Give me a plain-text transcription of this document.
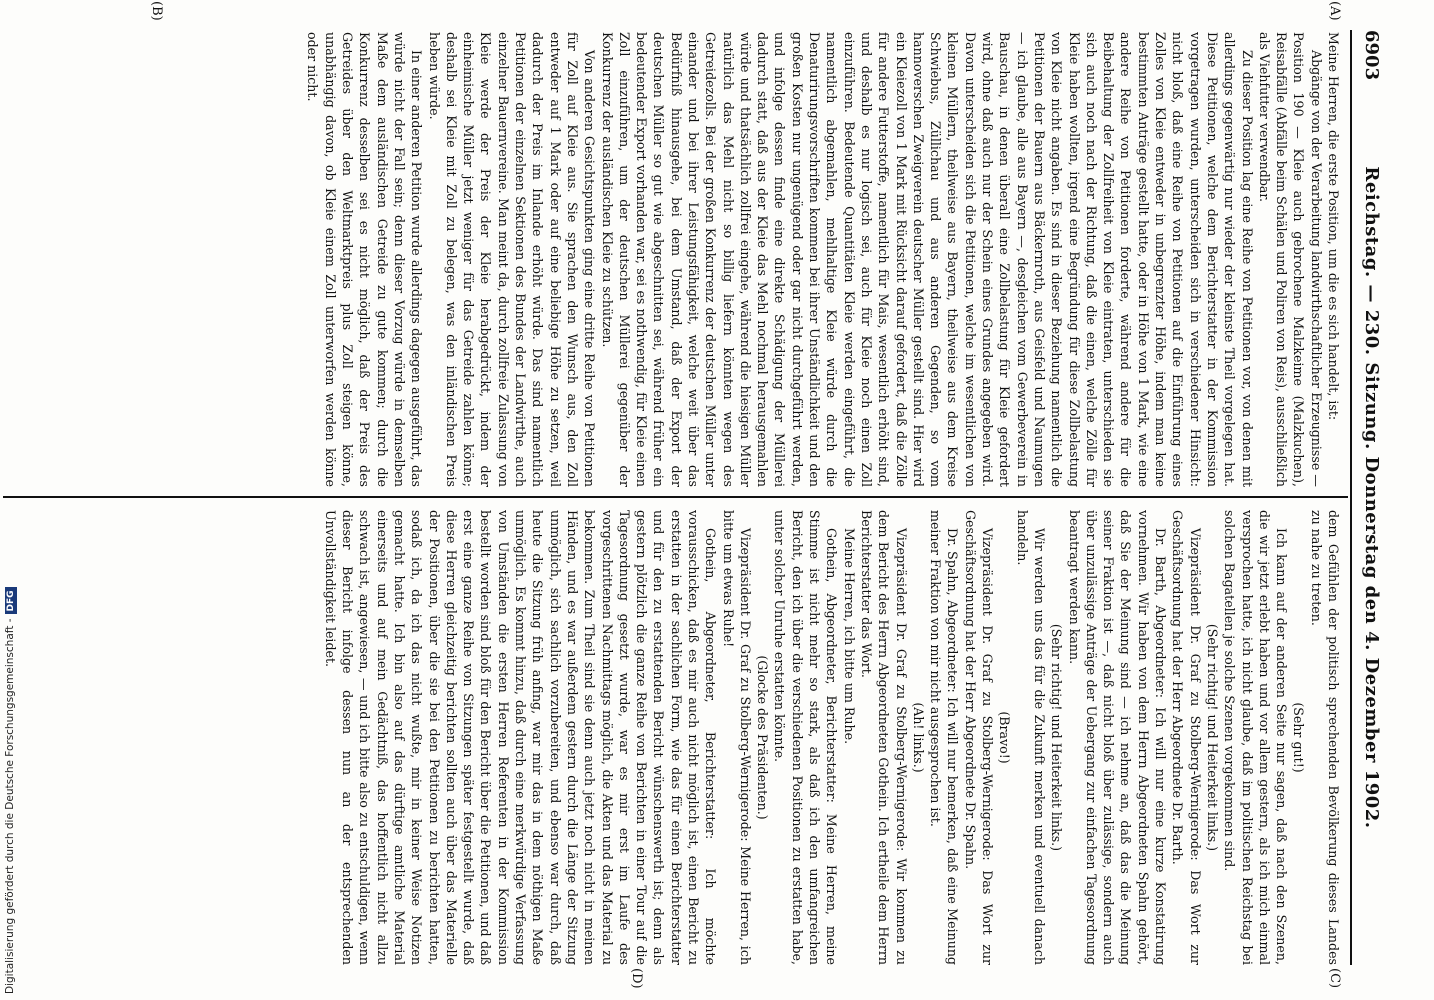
6903
Reichstag. — 230. Sitzung. Donnerstag den 4. Dezember 1902.
(C)
(D)
(A)
(B)

Meine Herren, die erste Position, um die es sich handelt, ist:

Abgänge von der Verarbeitung landwirthschaftlicher Erzeugnisse — Position 190 — Kleie auch gebrochene Malzkeime (Malzkuchen), Reisabfälle (Abfälle beim Schälen und Poliren von Reis), ausschließlich als Viehfutter verwendbar.

Zu dieser Position lag eine Reihe von Petitionen vor, von denen mit allerdings gegenwärtig nur wieder der kleinste Theil vorgelegen hat. Diese Petitionen, welche dem Berichterstatter in der Kommission vorgetragen wurden, unterscheiden sich in verschiedener Hinsicht: nicht bloß, daß eine Reihe von Petitionen auf die Einführung eines Zolles von Kleie entweder in unbegrenzter Höhe, indem man keine bestimmten Anträge gestellt hatte, oder in Höhe von 1 Mark, wie eine andere Reihe von Petitionen forderte, während andere für die Beibehaltung der Zollfreiheit von Kleie eintraten, unterschieden sie sich auch noch nach der Richtung, daß die einen, welche Zölle für Kleie haben wollten, irgend eine Begründung für diese Zollbelastung von Kleie nicht angaben. Es sind in dieser Beziehung namentlich die Petitionen der Bauern aus Bäckernroth, aus Geisfeld und Naumugen — ich glaube, alle aus Bayern —, desgleichen vom Gewerbeverein in Bauschau, in denen überall eine Zollbelastung für Kleie gefordert wird, ohne daß auch nur der Schein eines Grundes angegeben wird. Davon unterscheiden sich die Petitionen, welche im wesentlichen von kleinen Müllern, theilweise aus Bayern, theilweise aus dem Kreise Schwiebus, Züllichau und aus anderen Gegenden, so vom hannoverschen Zweigverein deutscher Müller gestellt sind. Hier wird ein Kleiezoll von 1 Mark mit Rücksicht darauf gefordert, daß die Zölle für andere Futterstoffe, namentlich für Mais, wesentlich erhöht sind, und deshalb es nur logisch sei, auch für Kleie noch einen Zoll einzuführen. Bedeutende Quantitäten Kleie werden eingeführt, die namentlich abgemahlen, mehlhaltige Kleie würde durch die Denaturirungsvorschriften kommen bei ihrer Unständlichkeit und den großen Kosten nur ungenügend oder gar nicht durchgeführt werden, und infolge dessen finde eine direkte Schädigung der Müllerei dadurch statt, daß aus der Kleie das Mehl nochmal herausgemahlen würde und thatsächlich zollfrei eingehe, während die hiesigen Müller natürlich das Mehl nicht so billig liefern könnten wegen des Getreidezolls. Bei der großen Konkurrenz der deutschen Müller unter einander und bei ihrer Leistungsfähigkeit, welche weit über das Bedürfniß hinausgehe, bei dem Umstand, daß der Export der deutschen Müller so gut wie abgeschnitten sei, während früher ein bedeutender Export vorhanden war, sei es nothwendig, für Kleie einen Zoll einzuführen, um der deutschen Müllerei gegenüber der Konkurrenz der ausländischen Kleie zu schützen.

Von anderen Gesichtspunkten ging eine dritte Reihe von Petitionen für Zoll auf Kleie aus. Sie sprachen den Wunsch aus, den Zoll entweder auf 1 Mark oder auf eine beliebige Höhe zu setzen, weil dadurch der Preis im Inlande erhöht würde. Das sind namentlich Petitionen der einzelnen Sektionen des Bundes der Landwirthe, auch einzelner Bauernvereine. Man meint da, durch zollfreie Zulassung von Kleie werde der Preis der Kleie herabgedrückt, indem der einheimische Müller jetzt weniger für das Getreide zahlen könne; deshalb sei Kleie mit Zoll zu belegen, was den inländischen Preis heben würde.

In einer anderen Petition wurde allerdings dagegen ausgeführt, das würde nicht der Fall sein; denn dieser Vorzug würde in demselben Maße dem ausländischen Getreide zu gute kommen; durch die Konkurrenz desselben sei es nicht möglich, daß der Preis des Getreides über den Weltmarktpreis plus Zoll steigen könne, unabhängig davon, ob Kleie einem Zoll unterworfen werden könne oder nicht.

dem Gefühlen der politisch sprechenden Bevölkerung dieses Landes zu nahe zu treten.

(Sehr gut!)

Ich kann auf der anderen Seite nur sagen, daß nach den Szenen, die wir jetzt erlebt haben und vor allem gestern, als ich mich einmal versprochen hatte, ich nicht glaube, daß im politischen Reichstag bei solchen Bagatellen je solche Szenen vorgekommen sind.

(Sehr richtig! und Heiterkeit links.)

Vizepräsident Dr. Graf zu Stolberg-Wernigerode: Das Wort zur Geschäftsordnung hat der Herr Abgeordnete Dr. Barth.

Dr. Barth, Abgeordneter: Ich will nur eine kurze Konstatirung vornehmen. Wir haben von dem Herrn Abgeordneten Spahn gehört, daß Sie der Meinung sind — ich nehme an, daß das die Meinung seiner Fraktion ist —, daß nicht bloß über zulässige, sondern auch über unzulässige Anträge der Uebergang zur einfachen Tagesordnung beantragt werden kann.

(Sehr richtig! und Heiterkeit links.)

Wir werden uns das für die Zukunft merken und eventuell danach handeln.

(Bravo!)

Vizepräsident Dr. Graf zu Stolberg-Wernigerode: Das Wort zur Geschäftsordnung hat der Herr Abgeordnete Dr. Spahn.

Dr. Spahn, Abgeordneter: Ich will nur bemerken, daß eine Meinung meiner Fraktion von mir nicht ausgesprochen ist.

(Ah! links.)

Vizepräsident Dr. Graf zu Stolberg-Wernigerode: Wir kommen zu dem Bericht des Herrn Abgeordneten Gothein. Ich ertheile dem Herrn Berichterstatter das Wort.

Meine Herren, ich bitte um Ruhe.

Gothein, Abgeordneter, Berichterstatter: Meine Herren, meine Stimme ist nicht mehr so stark, als daß ich den umfangreichen Bericht, den ich über die verschiedenen Positionen zu erstatten habe, unter solcher Unruhe erstatten könnte.

(Glocke des Präsidenten.)

Vizepräsident Dr. Graf zu Stolberg-Wernigerode: Meine Herren, ich bitte um etwas Ruhe!

Gothein, Abgeordneter, Berichterstatter: Ich möchte vorausschicken, daß es mir auch nicht möglich ist, einen Bericht zu erstatten in der sachlichen Form, wie das für einen Berichterstatter und für den zu erstattenden Bericht wünschenswerth ist; denn als gestern plötzlich die ganze Reihe von Berichten in einer Tour auf die Tagesordnung gesetzt wurde, war es mir erst im Laufe des vorgeschrittenen Nachmittags möglich, die Akten und das Material zu bekommen. Zum Theil sind sie denn auch jetzt noch nicht in meinen Händen, und es war außerdem gestern durch die Länge der Sitzung unmöglich, sich sachlich vorzubereiten, und ebenso war durch, daß heute die Sitzung früh anfing, war mir das in dem nöthigen Maße unmöglich. Es kommt hinzu, daß durch eine merkwürdige Verfassung von Umständen die ersten Herren Referenten in der Kommission bestellt worden sind bloß für den Bericht über die Petitionen, und daß erst eine ganze Reihe von Sitzungen später festgestellt wurde, daß diese Herren gleichzeitig berichten sollten auch über das Materielle der Positionen, über die sie bei den Petitionen zu berichten hatten, sodaß ich, da ich das nicht wußte, mir in keiner Weise Notizen gemacht hatte. Ich bin also auf das dürftige amtliche Material einerseits und auf mein Gedächtniß, das hoffentlich nicht allzu schwach ist, angewiesen, — und ich bitte also zu entschuldigen, wenn dieser Bericht infolge dessen nun an der entsprechenden Unvollständigkeit leidet.

Digitalisierung gefördert durch die Deutsche Forschungsgemeinschaft -DFG
